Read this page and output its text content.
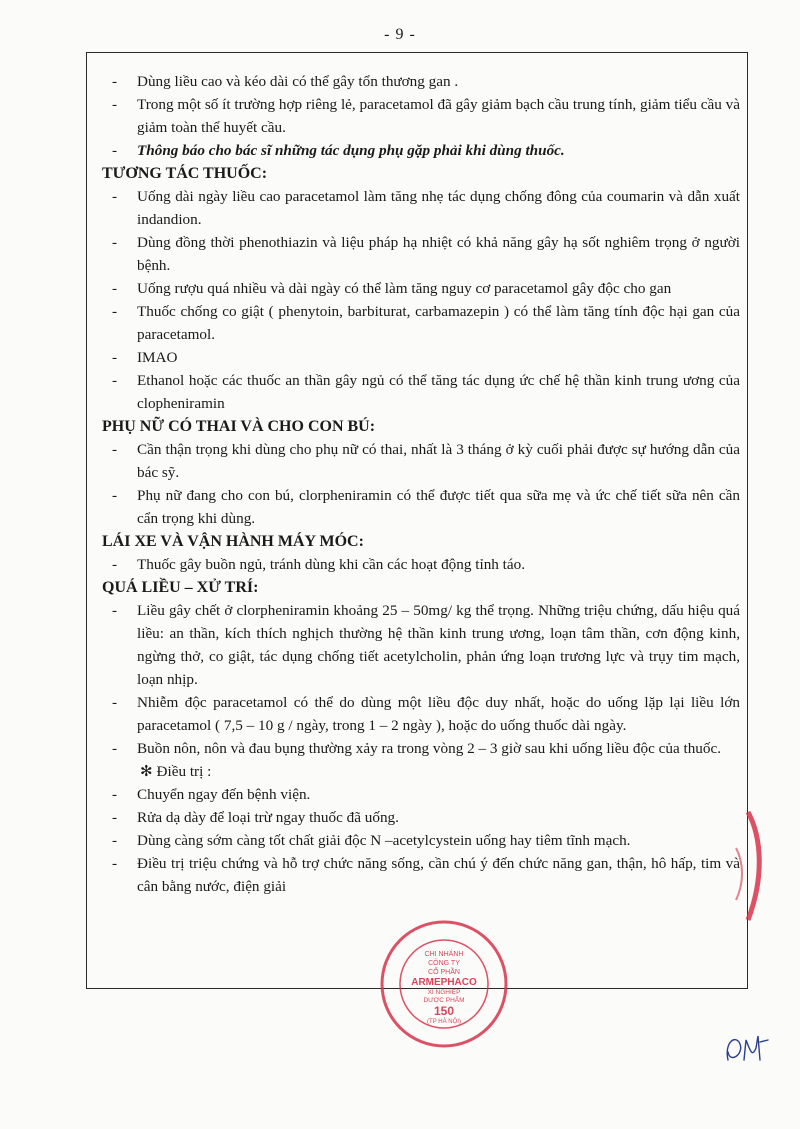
- 9 -
- Dùng liều cao và kéo dài có thể gây tổn thương gan .
- Trong một số ít trường hợp riêng lẻ, paracetamol đã gây giảm bạch cầu trung tính, giảm tiểu cầu và giảm toàn thể huyết cầu.
- Thông báo cho bác sĩ những tác dụng phụ gặp phải khi dùng thuốc.
TƯƠNG TÁC THUỐC:
- Uống dài ngày liều cao paracetamol làm tăng nhẹ tác dụng chống đông của coumarin và dẫn xuất indandion.
- Dùng đồng thời phenothiazin và liệu pháp hạ nhiệt có khả năng gây hạ sốt nghiêm trọng ở người bệnh.
- Uống rượu quá nhiều và dài ngày có thể làm tăng nguy cơ paracetamol gây độc cho gan
- Thuốc chống co giật ( phenytoin, barbiturat, carbamazepin ) có thể làm tăng tính độc hại gan của paracetamol.
- IMAO
- Ethanol hoặc các thuốc an thần gây ngủ có thể tăng tác dụng ức chế hệ thần kinh trung ương của clopheniramin
PHỤ NỮ CÓ THAI VÀ CHO CON BÚ:
- Cần thận trọng khi dùng cho phụ nữ có thai, nhất là 3 tháng ở kỳ cuối phải được sự hướng dẫn của bác sỹ.
- Phụ nữ đang cho con bú, clorpheniramin có thể được tiết qua sữa mẹ và ức chế tiết sữa nên cần cẩn trọng khi dùng.
LÁI XE VÀ VẬN HÀNH MÁY MÓC:
- Thuốc gây buồn ngủ, tránh dùng khi cần các hoạt động tỉnh táo.
QUÁ LIỀU – XỬ TRÍ:
- Liều gây chết ở clorpheniramin khoảng 25 – 50mg/ kg thể trọng. Những triệu chứng, dấu hiệu quá liều: an thần, kích thích nghịch thường hệ thần kinh trung ương, loạn tâm thần, cơn động kinh, ngừng thở, co giật, tác dụng chống tiết acetylcholin, phản ứng loạn trương lực và trụy tim mạch, loạn nhịp.
- Nhiễm độc paracetamol có thể do dùng một liều độc duy nhất, hoặc do uống lặp lại liều lớn paracetamol ( 7,5 – 10 g / ngày, trong 1 – 2 ngày ), hoặc do uống thuốc dài ngày.
- Buồn nôn, nôn và đau bụng thường xảy ra trong vòng 2 – 3 giờ sau khi uống liều độc của thuốc.
✻ Điều trị :
- Chuyển ngay đến bệnh viện.
- Rửa dạ dày để loại trừ ngay thuốc đã uống.
- Dùng càng sớm càng tốt chất giải độc N –acetylcystein uống hay tiêm tĩnh mạch.
- Điều trị triệu chứng và hỗ trợ chức năng sống, cần chú ý đến chức năng gan, thận, hô hấp, tim và cân bằng nước, điện giải
CHI NHÁNH
CÔNG TY
CỔ PHẦN
ARMEPHACO
XÍ NGHIỆP
DƯỢC PHẨM
150
(TP HÀ NỘI)
